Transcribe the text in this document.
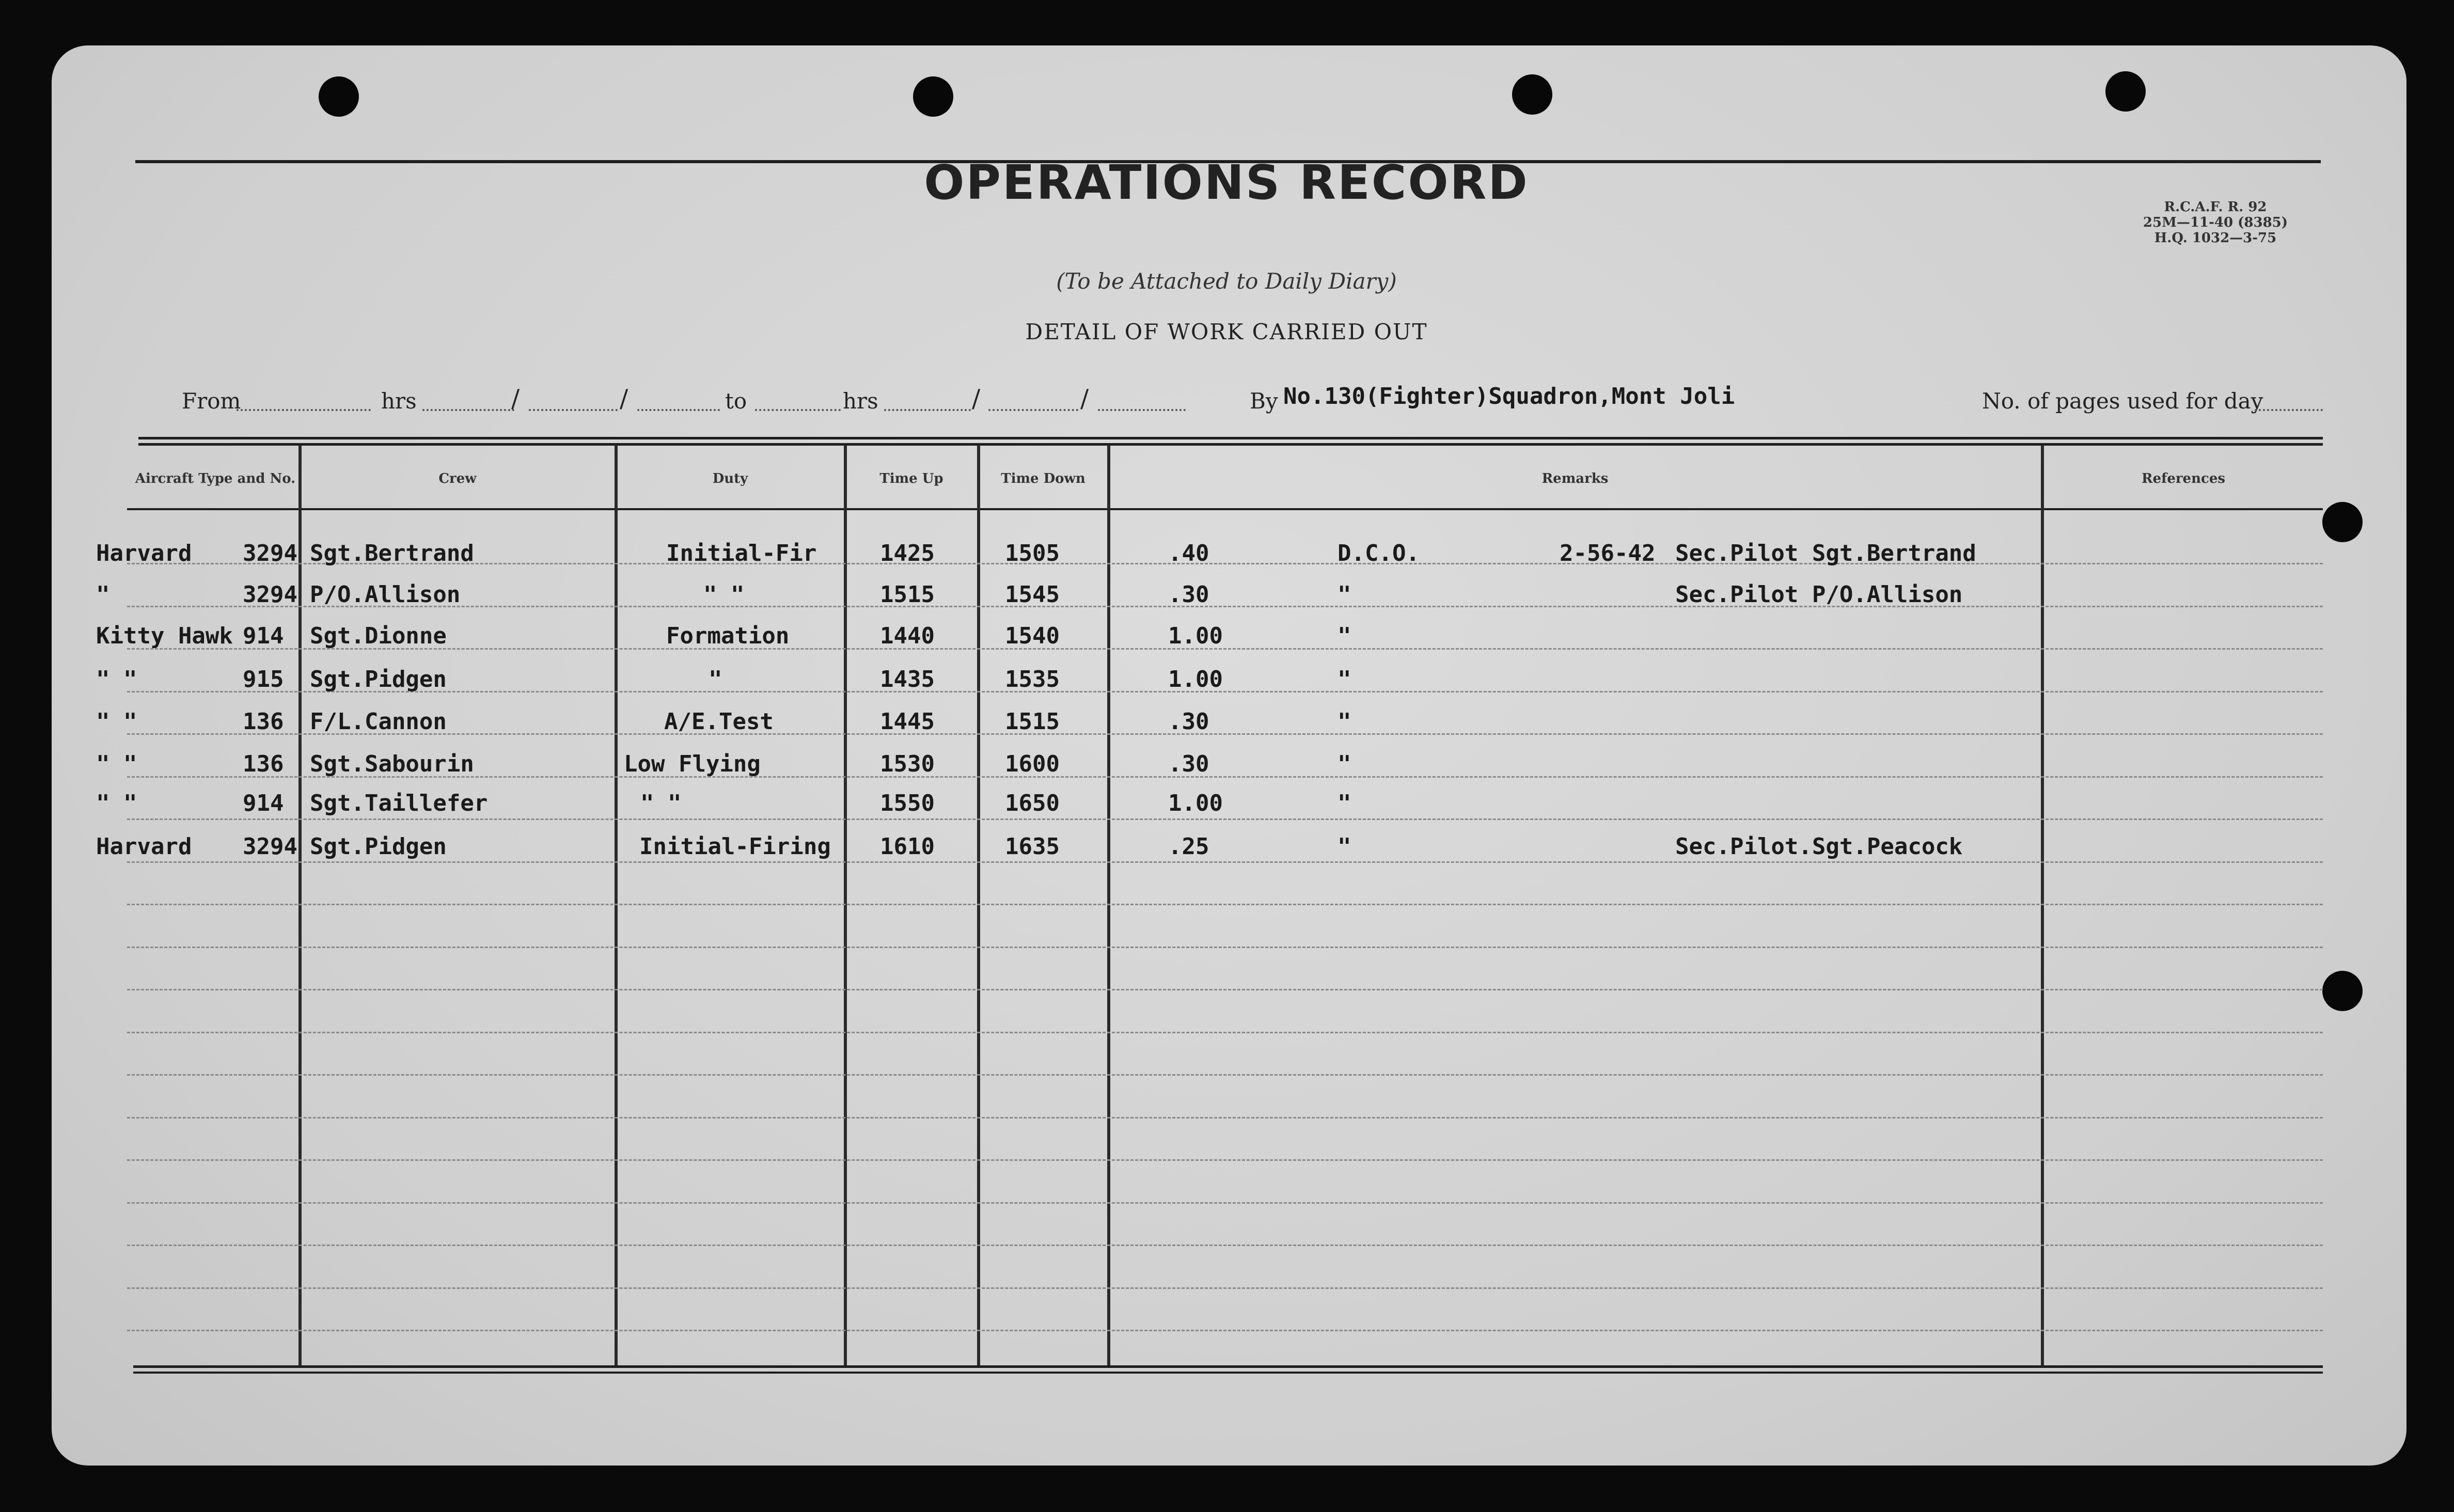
OPERATIONS RECORD
(To be Attached to Daily Diary)
DETAIL OF WORK CARRIED OUT
R.C.A.F. R. 92
25M—11-40 (8385)
H.Q. 1032—3-75
From	hrs	/	/	to	hrs	/	/	By No.130(Fighter)Squadron,Mont Joli	No. of pages used for day
Aircraft Type and No.	Crew	Duty	Time Up	Time Down	Remarks	References
Harvard 3294 Sgt.Bertrand	Initial-Fir	1425	1505	.40	D.C.O.	2-56-42 Sec.Pilot Sgt.Bertrand
"	3294 P/O.Allison	" "	1515	1545	.30	"	Sec.Pilot P/O.Allison
Kitty Hawk 914 Sgt.Dionne	Formation	1440	1540	1.00	"
" "	915 Sgt.Pidgen	"	1435	1535	1.00	"
" "	136 F/L.Cannon	A/E.Test	1445	1515	.30	"
" "	136 Sgt.Sabourin	Low Flying	1530	1600	.30	"
" "	914 Sgt.Taillefer	" "	1550	1650	1.00	"
Harvard 3294 Sgt.Pidgen	Initial-Firing 1610	1635	.25	"	Sec.Pilot.Sgt.Peacock
